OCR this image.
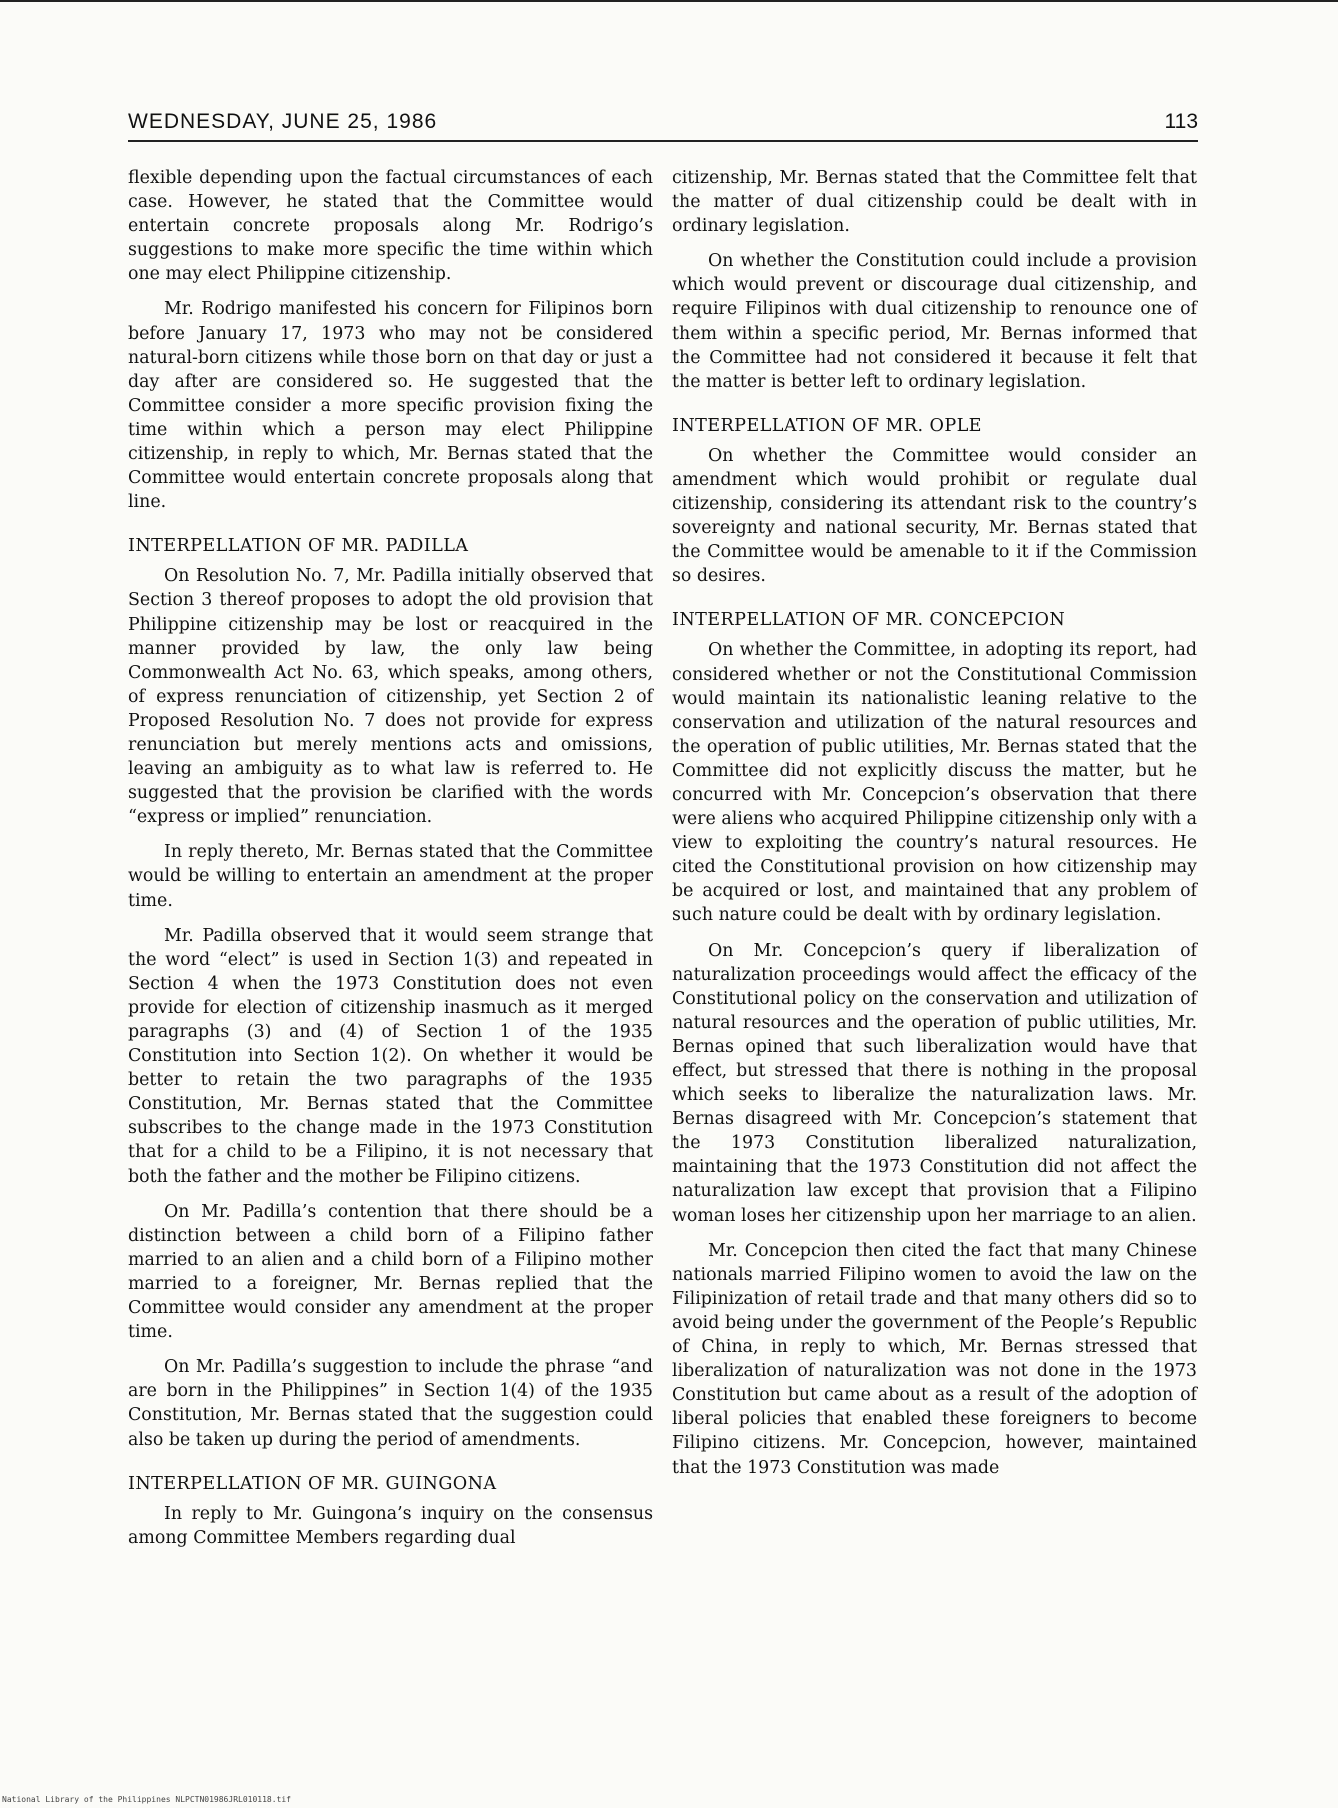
WEDNESDAY, JUNE 25, 1986	113

flexible depending upon the factual circumstances of each case. However, he stated that the Committee would entertain concrete proposals along Mr. Rodrigo’s suggestions to make more specific the time within which one may elect Philippine citizenship.

Mr. Rodrigo manifested his concern for Filipinos born before January 17, 1973 who may not be considered natural-born citizens while those born on that day or just a day after are considered so. He suggested that the Committee consider a more specific provision fixing the time within which a person may elect Philippine citizenship, in reply to which, Mr. Bernas stated that the Committee would entertain concrete proposals along that line.

INTERPELLATION OF MR. PADILLA

On Resolution No. 7, Mr. Padilla initially observed that Section 3 thereof proposes to adopt the old provision that Philippine citizenship may be lost or reacquired in the manner provided by law, the only law being Commonwealth Act No. 63, which speaks, among others, of express renunciation of citizenship, yet Section 2 of Proposed Resolution No. 7 does not provide for express renunciation but merely mentions acts and omissions, leaving an ambiguity as to what law is referred to. He suggested that the provision be clarified with the words “express or implied” renunciation.

In reply thereto, Mr. Bernas stated that the Committee would be willing to entertain an amendment at the proper time.

Mr. Padilla observed that it would seem strange that the word “elect” is used in Section 1(3) and repeated in Section 4 when the 1973 Constitution does not even provide for election of citizenship inasmuch as it merged paragraphs (3) and (4) of Section 1 of the 1935 Constitution into Section 1(2). On whether it would be better to retain the two paragraphs of the 1935 Constitution, Mr. Bernas stated that the Committee subscribes to the change made in the 1973 Constitution that for a child to be a Filipino, it is not necessary that both the father and the mother be Filipino citizens.

On Mr. Padilla’s contention that there should be a distinction between a child born of a Filipino father married to an alien and a child born of a Filipino mother married to a foreigner, Mr. Bernas replied that the Committee would consider any amendment at the proper time.

On Mr. Padilla’s suggestion to include the phrase “and are born in the Philippines” in Section 1(4) of the 1935 Constitution, Mr. Bernas stated that the suggestion could also be taken up during the period of amendments.

INTERPELLATION OF MR. GUINGONA

In reply to Mr. Guingona’s inquiry on the consensus among Committee Members regarding dual

citizenship, Mr. Bernas stated that the Committee felt that the matter of dual citizenship could be dealt with in ordinary legislation.

On whether the Constitution could include a provision which would prevent or discourage dual citizenship, and require Filipinos with dual citizenship to renounce one of them within a specific period, Mr. Bernas informed that the Committee had not considered it because it felt that the matter is better left to ordinary legislation.

INTERPELLATION OF MR. OPLE

On whether the Committee would consider an amendment which would prohibit or regulate dual citizenship, considering its attendant risk to the country’s sovereignty and national security, Mr. Bernas stated that the Committee would be amenable to it if the Commission so desires.

INTERPELLATION OF MR. CONCEPCION

On whether the Committee, in adopting its report, had considered whether or not the Constitutional Commission would maintain its nationalistic leaning relative to the conservation and utilization of the natural resources and the operation of public utilities, Mr. Bernas stated that the Committee did not explicitly discuss the matter, but he concurred with Mr. Concepcion’s observation that there were aliens who acquired Philippine citizenship only with a view to exploiting the country’s natural resources. He cited the Constitutional provision on how citizenship may be acquired or lost, and maintained that any problem of such nature could be dealt with by ordinary legislation.

On Mr. Concepcion’s query if liberalization of naturalization proceedings would affect the efficacy of the Constitutional policy on the conservation and utilization of natural resources and the operation of public utilities, Mr. Bernas opined that such liberalization would have that effect, but stressed that there is nothing in the proposal which seeks to liberalize the naturalization laws. Mr. Bernas disagreed with Mr. Concepcion’s statement that the 1973 Constitution liberalized naturalization, maintaining that the 1973 Constitution did not affect the naturalization law except that provision that a Filipino woman loses her citizenship upon her marriage to an alien.

Mr. Concepcion then cited the fact that many Chinese nationals married Filipino women to avoid the law on the Filipinization of retail trade and that many others did so to avoid being under the government of the People’s Republic of China, in reply to which, Mr. Bernas stressed that liberalization of naturalization was not done in the 1973 Constitution but came about as a result of the adoption of liberal policies that enabled these foreigners to become Filipino citizens. Mr. Concepcion, however, maintained that the 1973 Constitution was made

National Library of the Philippines NLPCTN01986JRL010118.tif
